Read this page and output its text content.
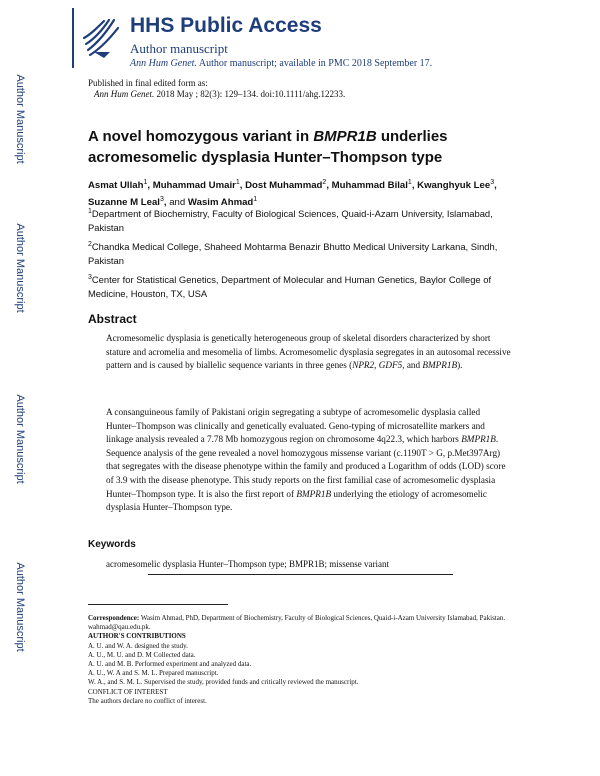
HHS Public Access
Author manuscript
Ann Hum Genet. Author manuscript; available in PMC 2018 September 17.
Author Manuscript
Author Manuscript
Author Manuscript
Author Manuscript
Published in final edited form as:
Ann Hum Genet. 2018 May ; 82(3): 129–134. doi:10.1111/ahg.12233.
A novel homozygous variant in BMPR1B underlies acromesomelic dysplasia Hunter–Thompson type
Asmat Ullah$^1$, Muhammad Umair$^1$, Dost Muhammad$^2$, Muhammad Bilal$^1$, Kwanghyuk Lee$^3$, Suzanne M Leal$^3$, and Wasim Ahmad$^1$
$^1$Department of Biochemistry, Faculty of Biological Sciences, Quaid-i-Azam University, Islamabad, Pakistan
$^2$Chandka Medical College, Shaheed Mohtarma Benazir Bhutto Medical University Larkana, Sindh, Pakistan
$^3$Center for Statistical Genetics, Department of Molecular and Human Genetics, Baylor College of Medicine, Houston, TX, USA
Abstract
Acromesomelic dysplasia is genetically heterogeneous group of skeletal disorders characterized by short stature and acromelia and mesomelia of limbs. Acromesomelic dysplasia segregates in an autosomal recessive pattern and is caused by biallelic sequence variants in three genes (NPR2, GDF5, and BMPR1B).
A consanguineous family of Pakistani origin segregating a subtype of acromesomelic dysplasia called Hunter–Thompson was clinically and genetically evaluated. Geno-typing of microsatellite markers and linkage analysis revealed a 7.78 Mb homozygous region on chromosome 4q22.3, which harbors BMPR1B. Sequence analysis of the gene revealed a novel homozygous missense variant (c.1190T > G, p.Met397Arg) that segregates with the disease phenotype within the family and produced a Logarithm of odds (LOD) score of 3.9 with the disease phenotype. This study reports on the first familial case of acromesomelic dysplasia Hunter–Thompson type. It is also the first report of BMPR1B underlying the etiology of acromesomelic dysplasia Hunter–Thompson type.
Keywords
acromesomelic dysplasia Hunter–Thompson type; BMPR1B; missense variant
Correspondence: Wasim Ahmad, PhD, Department of Biochemistry, Faculty of Biological Sciences, Quaid-i-Azam University Islamabad, Pakistan. wahmad@qau.edu.pk.
AUTHOR'S CONTRIBUTIONS
A. U. and W. A. designed the study.
A. U., M. U. and D. M Collected data.
A. U. and M. B. Performed experiment and analyzed data.
A. U., W. A and S. M. L. Prepared manuscript.
W. A., and S. M. L. Supervised the study, provided funds and critically reviewed the manuscript.
CONFLICT OF INTEREST
The authors declare no conflict of interest.
